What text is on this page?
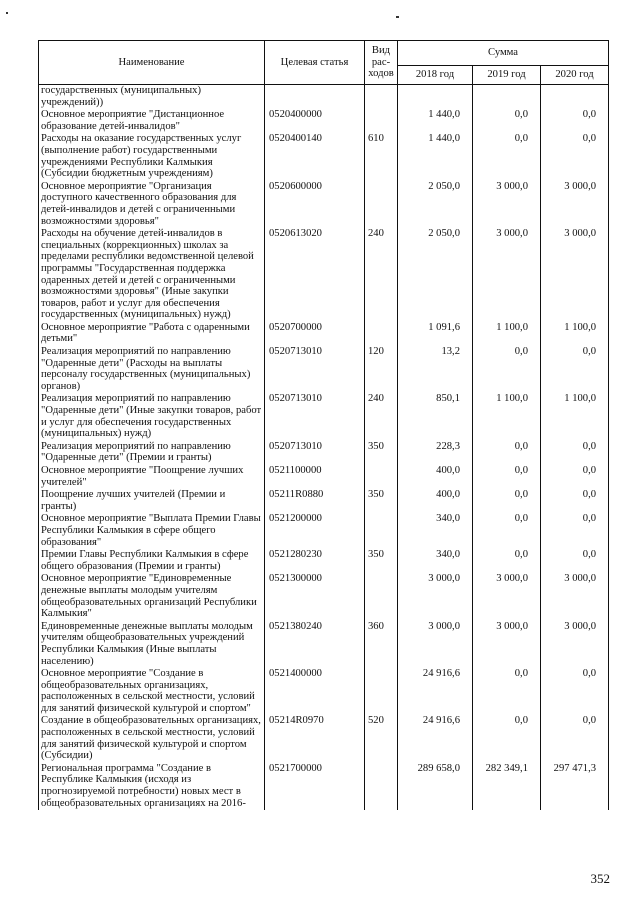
Наименование	Целевая статья	Вид рас-ходов	Сумма		
			2018 год	2019 год	2020 год
государственных (муниципальных) учреждений))					
Основное мероприятие "Дистанционное образование детей-инвалидов"	0520400000		1 440,0	0,0	0,0
Расходы на оказание государственных услуг (выполнение работ) государственными учреждениями Республики Калмыкия (Субсидии бюджетным учреждениям)	0520400140	610	1 440,0	0,0	0,0
Основное мероприятие "Организация доступного качественного образования для детей-инвалидов и детей с ограниченными возможностями здоровья"	0520600000		2 050,0	3 000,0	3 000,0
Расходы на обучение детей-инвалидов в специальных (коррекционных) школах за пределами республики ведомственной целевой программы "Государственная поддержка одаренных детей и детей с ограниченными возможностями здоровья" (Иные закупки товаров, работ и услуг для обеспечения государственных (муниципальных) нужд)	0520613020	240	2 050,0	3 000,0	3 000,0
Основное мероприятие "Работа с одаренными детьми"	0520700000		1 091,6	1 100,0	1 100,0
Реализация мероприятий по направлению "Одаренные дети" (Расходы на выплаты персоналу государственных (муниципальных) органов)	0520713010	120	13,2	0,0	0,0
Реализация мероприятий по направлению "Одаренные дети" (Иные закупки товаров, работ и услуг для обеспечения государственных (муниципальных) нужд)	0520713010	240	850,1	1 100,0	1 100,0
Реализация мероприятий по направлению "Одаренные дети" (Премии и гранты)	0520713010	350	228,3	0,0	0,0
Основное мероприятие "Поощрение лучших учителей"	0521100000		400,0	0,0	0,0
Поощрение лучших учителей (Премии и гранты)	05211R0880	350	400,0	0,0	0,0
Основное мероприятие "Выплата Премии Главы Республики Калмыкия в сфере общего образования"	0521200000		340,0	0,0	0,0
Премии Главы Республики Калмыкия в сфере общего образования (Премии и гранты)	0521280230	350	340,0	0,0	0,0
Основное мероприятие "Единовременные денежные выплаты молодым учителям общеобразовательных организаций Республики Калмыкия"	0521300000		3 000,0	3 000,0	3 000,0
Единовременные денежные выплаты молодым учителям общеобразовательных учреждений Республики Калмыкия (Иные выплаты населению)	0521380240	360	3 000,0	3 000,0	3 000,0
Основное мероприятие "Создание в общеобразовательных организациях, расположенных в сельской местности, условий для занятий физической культурой и спортом"	0521400000		24 916,6	0,0	0,0
Создание в общеобразовательных организациях, расположенных в сельской местности, условий для занятий физической культурой и спортом (Субсидии)	05214R0970	520	24 916,6	0,0	0,0
Региональная программа "Создание в Республике Калмыкия (исходя из прогнозируемой потребности) новых мест в общеобразовательных организациях на 2016-	0521700000		289 658,0	282 349,1	297 471,3
352
